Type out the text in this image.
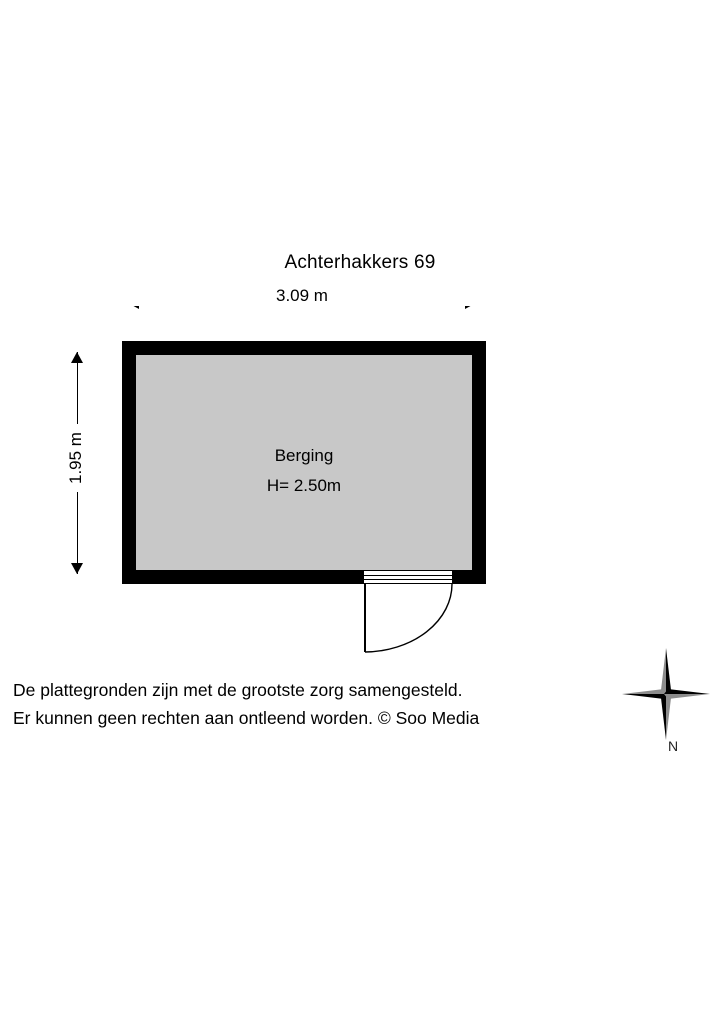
Achterhakkers 69
3.09 m
1.95 m	Berging
H= 2.50m
De plattegronden zijn met de grootste zorg samengesteld.
Er kunnen geen rechten aan ontleend worden. © Soo Media
N
